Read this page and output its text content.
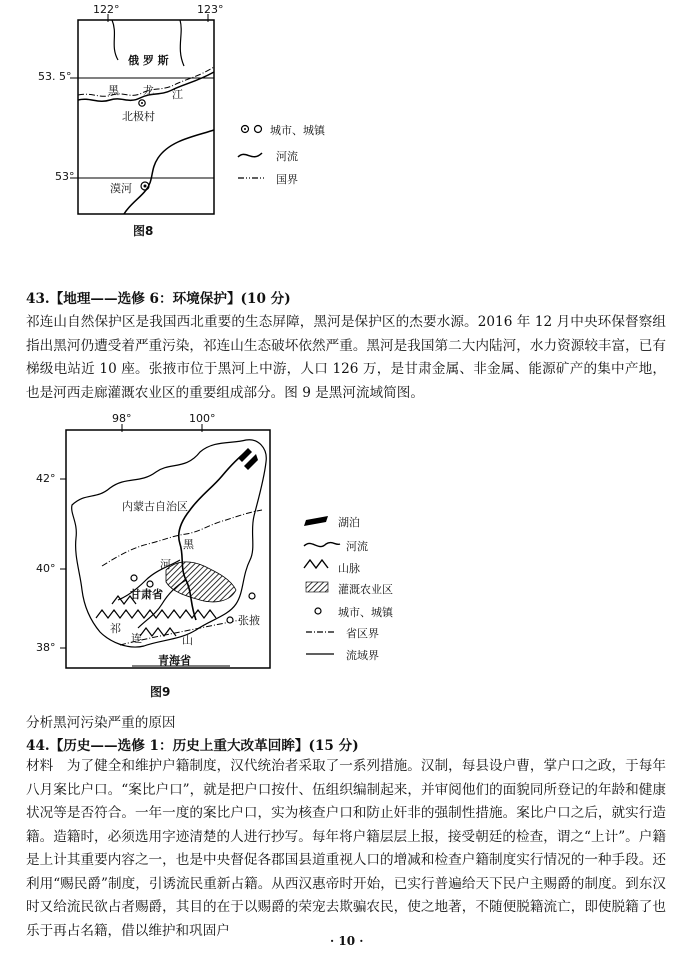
122°	123°
53. 5°
53°
俄 罗 斯
黑 龙 江
北极村
漠河
城市、城镇
河流
国界
图8
43.【地理——选修 6：环境保护】(10 分)

祁连山自然保护区是我国西北重要的生态屏障，黑河是保护区的杰要水源。2016 年 12 月中央环保督察组指出黑河仍遭受着严重污染，祁连山生态破坏依然严重。黑河是我国第二大内陆河，水力资源较丰富，已有梯级电站近 10 座。张掖市位于黑河上中游，人口 126 万，是甘肃金属、非金属、能源矿产的集中产地，也是河西走廊灌溉农业区的重要组成部分。图 9 是黑河流域简图。

98°	100°
42°
40°
38°
内蒙古自治区
黑
河
甘肃省
祁
连	山
张掖
青海省
湖泊
河流
山脉
灌溉农业区
城市、城镇
省区界
流域界
图9
分析黑河污染严重的原因
44.【历史——选修 1：历史上重大改革回眸】(15 分)

材料　为了健全和维护户籍制度，汉代统治者采取了一系列措施。汉制，每县设户曹，掌户口之政，于每年八月案比户口。“案比户口”，就是把户口按什、伍组织编制起来，并审阅他们的面貌同所登记的年龄和健康状况等是否符合。一年一度的案比户口，实为核查户口和防止奸非的强制性措施。案比户口之后，就实行造籍。造籍时，必须选用字迹清楚的人进行抄写。每年将户籍层层上报，接受朝廷的检查，谓之“上计”。户籍是上计其重要内容之一，也是中央督促各郡国县道重视人口的增减和检查户籍制度实行情况的一种手段。还利用“赐民爵”制度，引诱流民重新占籍。从西汉惠帝时开始，已实行普遍给天下民户主赐爵的制度。到东汉时又给流民欲占者赐爵，其目的在于以赐爵的荣宠去欺骗农民，使之地著，不随便脱籍流亡，即使脱籍了也乐于再占名籍，借以维护和巩固户

· 10 ·
